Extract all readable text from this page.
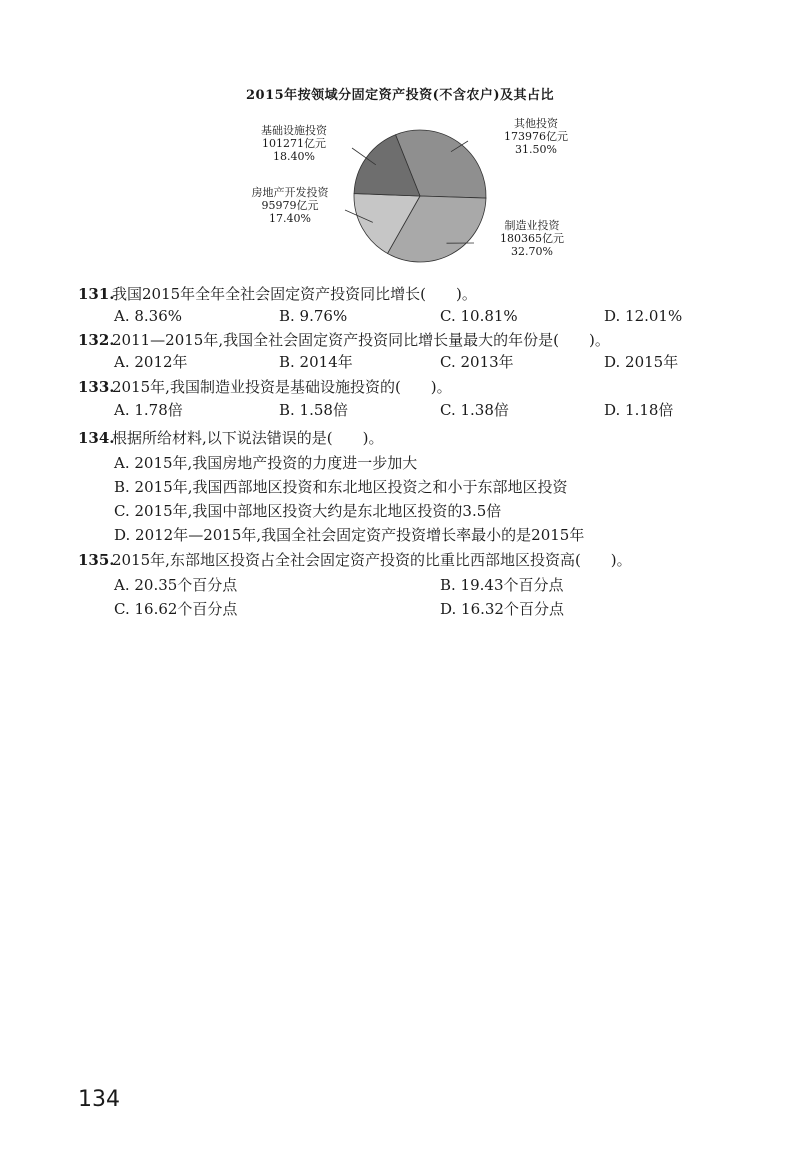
2015年按领域分固定资产投资(不含农户)及其占比
其他投资
173976亿元
31.50%
制造业投资
180365亿元
32.70%
房地产开发投资
95979亿元
17.40%
基础设施投资
101271亿元
18.40%
131.我国2015年全年全社会固定资产投资同比增长(　　)。
A. 8.36%	B. 9.76%	C. 10.81%	D. 12.01%
132.2011—2015年,我国全社会固定资产投资同比增长量最大的年份是(　　)。
A. 2012年	B. 2014年	C. 2013年	D. 2015年
133.2015年,我国制造业投资是基础设施投资的(　　)。
A. 1.78倍	B. 1.58倍	C. 1.38倍	D. 1.18倍
134.根据所给材料,以下说法错误的是(　　)。
A. 2015年,我国房地产投资的力度进一步加大
B. 2015年,我国西部地区投资和东北地区投资之和小于东部地区投资
C. 2015年,我国中部地区投资大约是东北地区投资的3.5倍
D. 2012年—2015年,我国全社会固定资产投资增长率最小的是2015年
135.2015年,东部地区投资占全社会固定资产投资的比重比西部地区投资高(　　)。
A. 20.35个百分点	B. 19.43个百分点
C. 16.62个百分点	D. 16.32个百分点
134
